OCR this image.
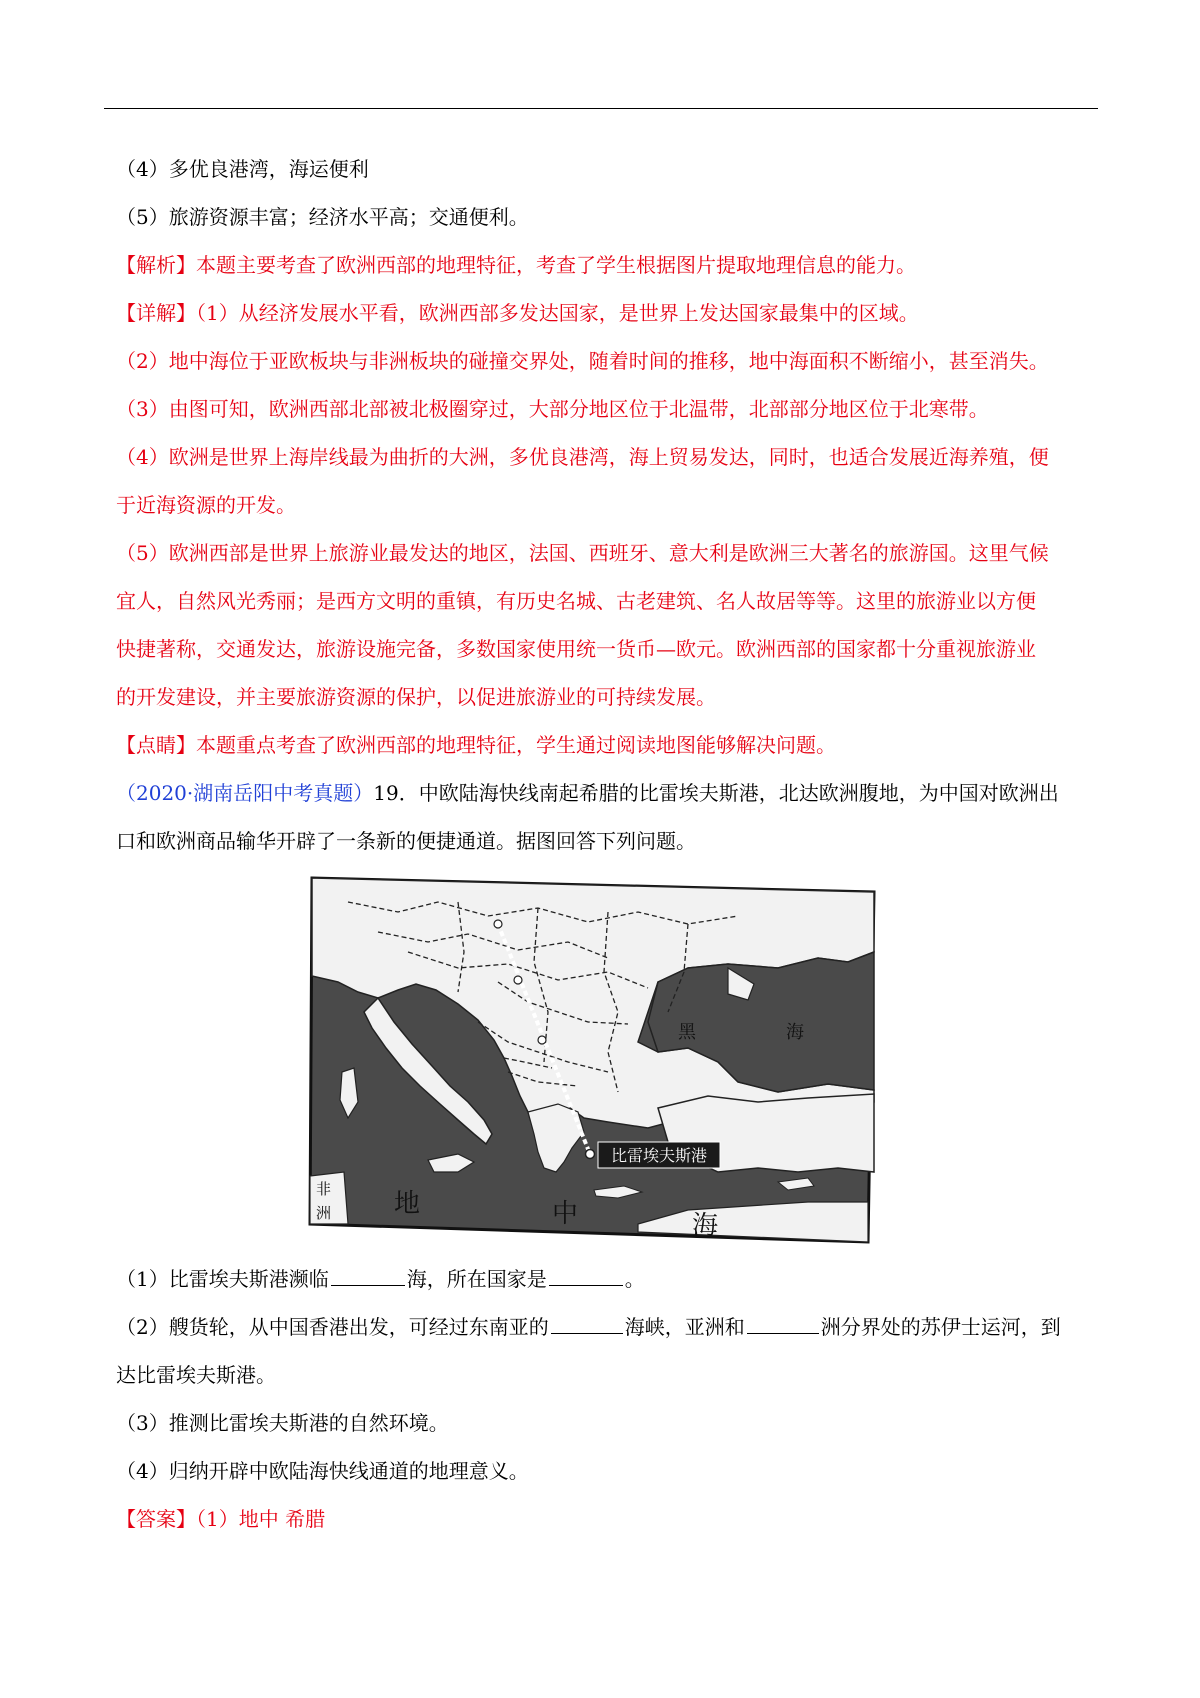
（4）多优良港湾，海运便利
（5）旅游资源丰富；经济水平高；交通便利。
【解析】本题主要考查了欧洲西部的地理特征，考查了学生根据图片提取地理信息的能力。
【详解】（1）从经济发展水平看，欧洲西部多发达国家，是世界上发达国家最集中的区域。
（2）地中海位于亚欧板块与非洲板块的碰撞交界处，随着时间的推移，地中海面积不断缩小，甚至消失。
（3）由图可知，欧洲西部北部被北极圈穿过，大部分地区位于北温带，北部部分地区位于北寒带。
（4）欧洲是世界上海岸线最为曲折的大洲，多优良港湾，海上贸易发达，同时，也适合发展近海养殖，便
于近海资源的开发。
（5）欧洲西部是世界上旅游业最发达的地区，法国、西班牙、意大利是欧洲三大著名的旅游国。这里气候
宜人，自然风光秀丽；是西方文明的重镇，有历史名城、古老建筑、名人故居等等。这里的旅游业以方便
快捷著称，交通发达，旅游设施完备，多数国家使用统一货币—欧元。欧洲西部的国家都十分重视旅游业
的开发建设，并主要旅游资源的保护，以促进旅游业的可持续发展。
【点睛】本题重点考查了欧洲西部的地理特征，学生通过阅读地图能够解决问题。
（2020·湖南岳阳中考真题）19．中欧陆海快线南起希腊的比雷埃夫斯港，北达欧洲腹地，为中国对欧洲出
口和欧洲商品输华开辟了一条新的便捷通道。据图回答下列问题。
比雷埃夫斯港
黑	海
非
洲 地	中	海
（1）比雷埃夫斯港濒临	海，所在国家是	。
（2）艘货轮，从中国香港出发，可经过东南亚的	海峡，亚洲和	洲分界处的苏伊士运河，到
达比雷埃夫斯港。
（3）推测比雷埃夫斯港的自然环境。
（4）归纳开辟中欧陆海快线通道的地理意义。
【答案】（1）地中 希腊
